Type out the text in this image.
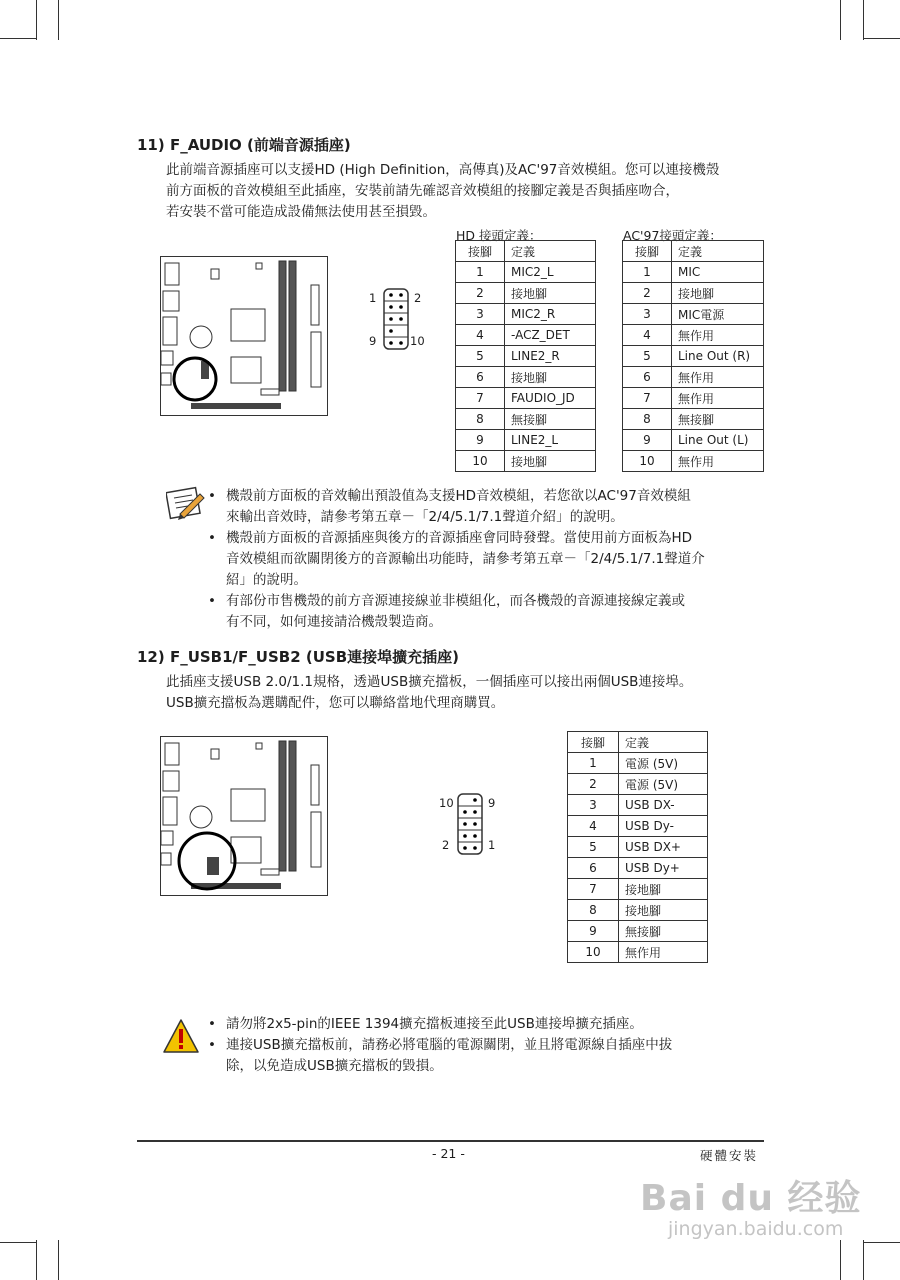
11) F_AUDIO (前端音源插座)
此前端音源插座可以支援HD (High Definition，高傳真)及AC'97音效模組。您可以連接機殼
前方面板的音效模組至此插座，安裝前請先確認音效模組的接腳定義是否與插座吻合，
若安裝不當可能造成設備無法使用甚至損毀。
1	2
9	10
HD 接頭定義：
接腳	定義
1	MIC2_L
2	接地腳
3	MIC2_R
4	-ACZ_DET
5	LINE2_R
6	接地腳
7	FAUDIO_JD
8	無接腳
9	LINE2_L
10	接地腳
AC'97接頭定義：
接腳	定義
1	MIC
2	接地腳
3	MIC電源
4	無作用
5	Line Out (R)
6	無作用
7	無作用
8	無接腳
9	Line Out (L)
10	無作用
• 機殼前方面板的音效輸出預設值為支援HD音效模組，若您欲以AC'97音效模組
來輸出音效時，請參考第五章－「2/4/5.1/7.1聲道介紹」的說明。
• 機殼前方面板的音源插座與後方的音源插座會同時發聲。當使用前方面板為HD
音效模組而欲關閉後方的音源輸出功能時，請參考第五章－「2/4/5.1/7.1聲道介
紹」的說明。
• 有部份市售機殼的前方音源連接線並非模組化，而各機殼的音源連接線定義或
有不同，如何連接請洽機殼製造商。
12) F_USB1/F_USB2 (USB連接埠擴充插座)
此插座支援USB 2.0/1.1規格，透過USB擴充擋板，一個插座可以接出兩個USB連接埠。
USB擴充擋板為選購配件，您可以聯絡當地代理商購買。
10	9
2	1
接腳	定義
1	電源 (5V)
2	電源 (5V)
3	USB DX-
4	USB Dy-
5	USB DX+
6	USB Dy+
7	接地腳
8	接地腳
9	無接腳
10	無作用
• 請勿將2x5-pin的IEEE 1394擴充擋板連接至此USB連接埠擴充插座。
• 連接USB擴充擋板前，請務必將電腦的電源關閉，並且將電源線自插座中拔
除，以免造成USB擴充擋板的毀損。
- 21 -	硬體安裝
Bai du 经验
jingyan.baidu.com
